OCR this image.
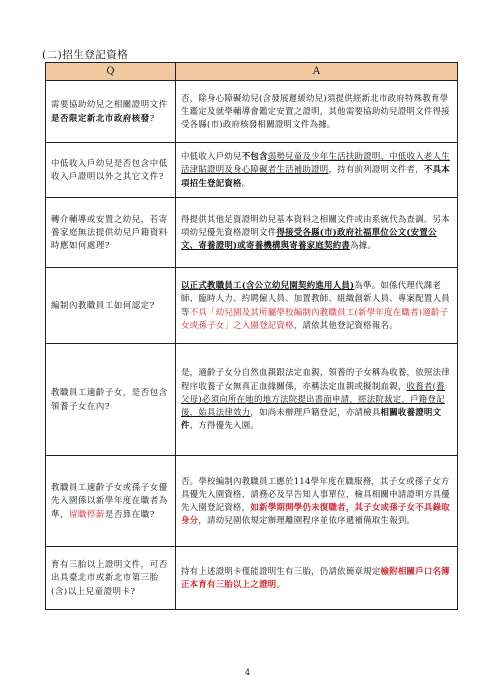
(二)招生登記資格
Q	A
需要協助幼兒之相關證明文件是否限定新北市政府核發?	否，除身心障礙幼兒(含發展遲緩幼兒)須提供經新北市政府特殊教育學生鑑定及就學輔導會鑑定安置之證明，其他需要協助幼兒證明文件得接受各縣(市)政府核發相關證明文件為據。
中低收入戶幼兒是否包含中低收入戶證明以外之其它文件?	中低收入戶幼兒不包含弱勢兒童及少年生活扶助證明、中低收入老人生活津貼證明及身心障礙者生活補助證明，持有前列證明文件者，不具本項招生登記資格。
轉介輔導或安置之幼兒，若寄養家庭無法提供幼兒戶籍資料時應如何處理?	得提供其他足資證明幼兒基本資料之相關文件或由系統代為查調。另本項幼兒優先資格證明文件得接受各縣(市)政府社福單位公文(安置公文、寄養證明)或寄養機構與寄養家庭契約書為據。
編制內教職員工如何認定?	以正式教職員工(含公立幼兒園契約進用人員)為準。如係代理代課老師、臨時人力、約聘僱人員、加置教師、組織創新人員、專案配置人員等不具「幼兒園及其所屬學校編制內教職員工(新學年度在職者)適齡子女或孫子女」之入園登記資格，請依其他登記資格報名。
教職員工適齡子女，是否包含領養子女在內?	是，適齡子女分自然血親跟法定血親，領養的子女稱為收養，依照法律程序收養子女無真正血緣關係，亦稱法定血親或擬制血親，收養者(養父母)必須向所在地的地方法院提出書面申請，經法院裁定，戶籍登記後，始具法律效力，如尚未辦理戶籍登記，亦請檢具相關收養證明文件，方得優先入園。
教職員工適齡子女或孫子女優先入園係以新學年度在職者為準，留職停薪是否算在職?	否。學校編制內教職員工應於114學年度在職服務，其子女或孫子女方具優先入園資格，請務必及早告知人事單位，檢具相關申請證明方具優先入園登記資格，如新學期開學仍未復職者，其子女或孫子女不具錄取身分，請幼兒園依規定辦理離園程序並依序遞補備取生報到。
育有三胎以上證明文件，可否出具臺北市或新北市第三胎(含)以上兒童證明卡?	持有上述證明卡僅能證明生有三胎，仍請依簡章規定檢附相關戶口名簿正本育有三胎以上之證明。
4
